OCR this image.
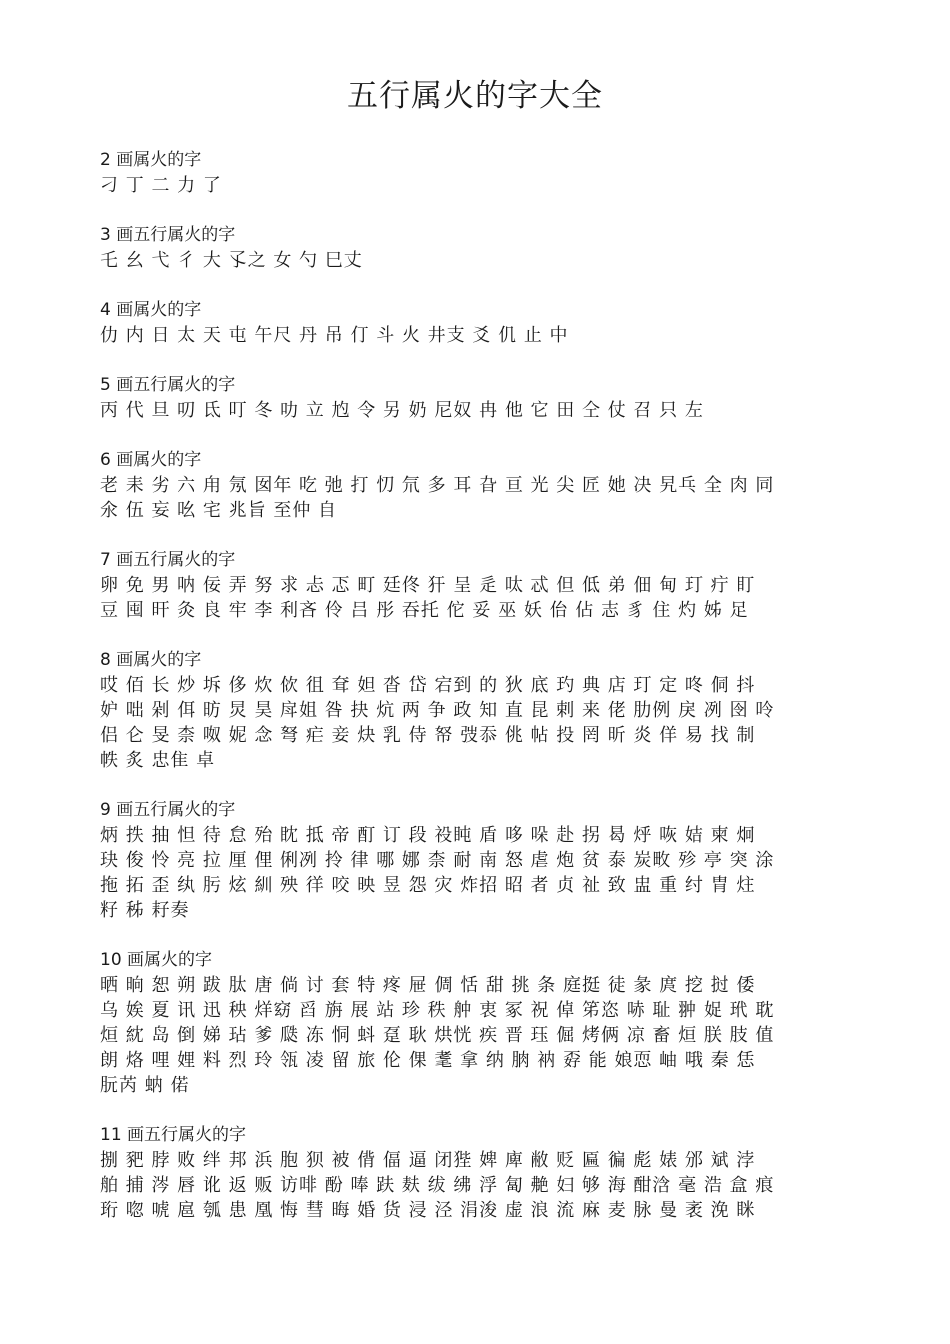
五行属火的字大全
2 画属火的字
刁 丁 二 力 了
3 画五行属火的字
乇 幺 弋 彳 大 孓之 女 勺 巳丈
4 画属火的字
仂 内 日 太 天 屯 午尺 丹 吊 仃 斗 火 井支 爻 仉 止 中
5 画五行属火的字
丙 代 旦 叨 氐 叮 冬 叻 立 尥 令 另 奶 尼奴 冉 他 它 田 仝 仗 召 只 左
6 画属火的字
老 耒 劣 六 甪 氖 囡年 吃 弛 打 忉 氘 多 耳 旮 亘 光 尖 匠 她 决 旯乓 全 肉 同
氽 伍 妄 吆 宅 兆旨 至仲 自
7 画五行属火的字
卵 免 男 呐 佞 弄 努 求 忐 忑 町 廷佟 犴 呈 辵 呔 忒 但 低 弟 佃 甸 玎 疔 盯
豆 囤 旰 灸 良 牢 李 利吝 伶 吕 彤 吞托 佗 妥 巫 妖 佁 佔 志 豸 住 灼 姊 足
8 画属火的字
哎 佰 长 炒 坼 侈 炊 佽 徂 耷 妲 沓 岱 宕到 的 狄 底 玓 典 店 玎 定 咚 侗 抖
妒 咄 剁 佴 昉 炅 昊 戽姐 咎 抉 炕 两 争 政 知 直 昆 剌 来 佬 肋例 戾 冽 囹 呤
侣 仑 旻 柰 呶 妮 念 弩 疟 妾 炔 乳 侍 帑 弢忝 佻 帖 投 罔 昕 炎 佯 易 找 制
帙 炙 忠隹 卓
9 画五行属火的字
炳 抶 抽 怛 待 怠 殆 眈 抵 帝 酊 订 段 祋盹 盾 哆 哚 赴 拐 曷 烀 咴 姞 柬 炯
玦 俊 怜 亮 拉 厘 俚 俐冽 拎 律 哪 娜 柰 耐 南 怒 虐 炮 贫 泰 炭畋 殄 亭 突 涂
拖 拓 歪 纨 肟 炫 紃 殃 徉 咬 映 昱 怨 灾 炸招 昭 者 贞 祉 致 盅 重 纣 胄 炷
籽 秭 耔奏
10 画属火的字
晒 晌 恕 朔 跋 肽 唐 倘 讨 套 特 疼 屉 倜 恬 甜 挑 条 庭挺 徒 彖 庹 挖 挝 倭
乌 娭 夏 讯 迅 秧 烊窈 舀 旃 展 站 珍 秩 舯 衷 冢 祝 倬 笫恣 哧 耻 翀 娖 玳 耽
烜 紞 岛 倒 娣 玷 爹 瓞 冻 恫 蚪 趸 耿 烘恍 疾 晋 珏 倔 烤俩 凉 畜 烜 朕 肢 值
朗 烙 哩 娌 料 烈 玲 瓴 凌 留 旅 伦 倮 耄 拿 纳 朒 衲 孬 能 娘恧 岫 哦 秦 恁
朊芮 蚋 偌
11 画五行属火的字
捌 豝 脖 败 绊 邦 浜 胞 狈 被 偝 偪 逼 闭狴 婢 庳 敝 贬 匾 徧 彪 婊 邠 斌 浡
舶 捕 涔 唇 讹 返 贩 访啡 酚 唪 趺 麸 绂 绋 浮 匐 艴 妇 够 海 酣浛 毫 浩 盒 痕
珩 唿 唬 扈 瓠 患 凰 悔 彗 晦 婚 货 浸 泾 涓浚 虚 浪 流 麻 麦 脉 曼 袤 浼 眯
